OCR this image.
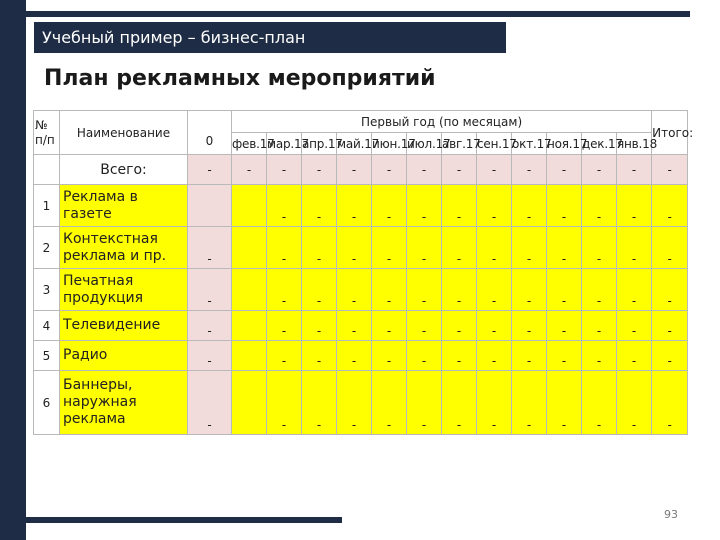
Учебный пример – бизнес-план
План рекламных мероприятий
№ п/п	Наименование	0	Первый год (по месяцам)												Итого:
			фев.17	мар.17	апр.17	май.17	июн.17	июл.17	авг.17	сен.17	окт.17	ноя.17	дек.17	янв.18	
	Всего:	-	-	-	-	-	-	-	-	-	-	-	-	-	-
1	Реклама в газете			-	-	-	-	-	-	-	-	-	-	-	-
2	Контекстная реклама и пр.	-		-	-	-	-	-	-	-	-	-	-	-	-
3	Печатная продукция	-		-	-	-	-	-	-	-	-	-	-	-	-
4	Телевидение	-		-	-	-	-	-	-	-	-	-	-	-	-
5	Радио	-		-	-	-	-	-	-	-	-	-	-	-	-
6	Баннеры, наружная реклама	-		-	-	-	-	-	-	-	-	-	-	-	-
93
